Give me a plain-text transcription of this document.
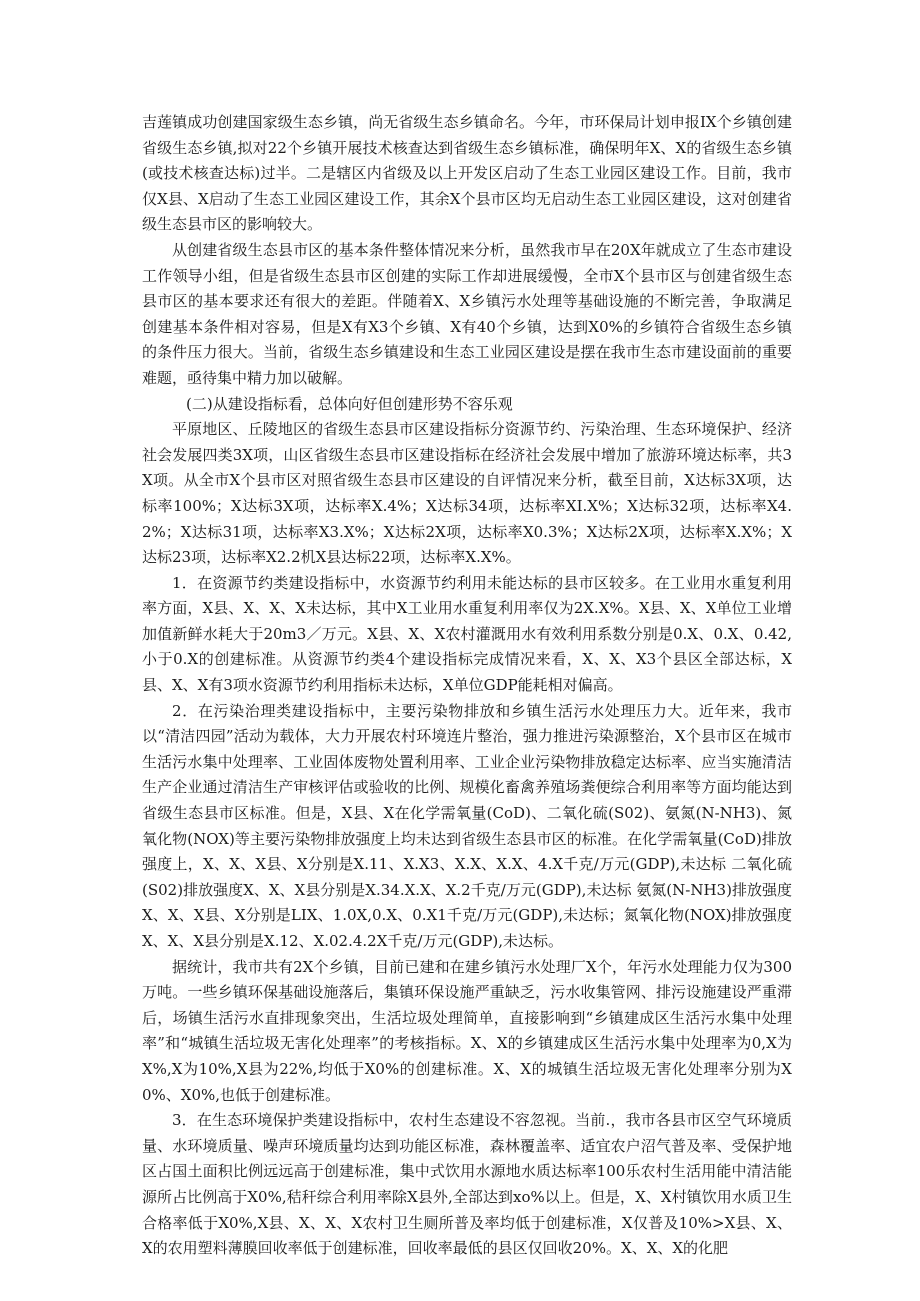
吉莲镇成功创建国家级生态乡镇，尚无省级生态乡镇命名。今年，市环保局计划申报IX个乡镇创建省级生态乡镇,拟对22个乡镇开展技术核查达到省级生态乡镇标准，确保明年X、X的省级生态乡镇(或技术核查达标)过半。二是辖区内省级及以上开发区启动了生态工业园区建设工作。目前，我市仅X县、X启动了生态工业园区建设工作，其余X个县市区均无启动生态工业园区建设，这对创建省级生态县市区的影响较大。

从创建省级生态县市区的基本条件整体情况来分析，虽然我市早在20X年就成立了生态市建设工作领导小组，但是省级生态县市区创建的实际工作却进展缓慢，全市X个县市区与创建省级生态县市区的基本要求还有很大的差距。伴随着X、X乡镇污水处理等基础设施的不断完善，争取满足创建基本条件相对容易，但是X有X3个乡镇、X有40个乡镇，达到X0%的乡镇符合省级生态乡镇的条件压力很大。当前，省级生态乡镇建设和生态工业园区建设是摆在我市生态市建设面前的重要难题，亟待集中精力加以破解。

(二)从建设指标看，总体向好但创建形势不容乐观

平原地区、丘陵地区的省级生态县市区建设指标分资源节约、污染治理、生态环境保护、经济社会发展四类3X项，山区省级生态县市区建设指标在经济社会发展中增加了旅游环境达标率，共3X项。从全市X个县市区对照省级生态县市区建设的自评情况来分析，截至目前，X达标3X项，达标率100%；X达标3X项，达标率X.4%；X达标34项，达标率XI.X%；X达标32项，达标率X4.2%；X达标31项，达标率X3.X%；X达标2X项，达标率X0.3%；X达标2X项，达标率X.X%；X达标23项，达标率X2.2机X县达标22项，达标率X.X%。

1．在资源节约类建设指标中，水资源节约利用未能达标的县市区较多。在工业用水重复利用率方面，X县、X、X、X未达标，其中X工业用水重复利用率仅为2X.X%。X县、X、X单位工业增加值新鲜水耗大于20m3／万元。X县、X、X农村灌溉用水有效利用系数分别是0.X、0.X、0.42,小于0.X的创建标准。从资源节约类4个建设指标完成情况来看，X、X、X3个县区全部达标，X县、X、X有3项水资源节约利用指标未达标，X单位GDP能耗相对偏高。

2．在污染治理类建设指标中，主要污染物排放和乡镇生活污水处理压力大。近年来，我市以“清洁四园”活动为载体，大力开展农村环境连片整治，强力推进污染源整治，X个县市区在城市生活污水集中处理率、工业固体废物处置利用率、工业企业污染物排放稳定达标率、应当实施清洁生产企业通过清洁生产审核评估或验收的比例、规模化畜禽养殖场粪便综合利用率等方面均能达到省级生态县市区标准。但是，X县、X在化学需氧量(CoD)、二氧化硫(S02)、氨氮(N-NH3)、氮氧化物(NOX)等主要污染物排放强度上均未达到省级生态县市区的标准。在化学需氧量(CoD)排放强度上，X、X、X县、X分别是X.11、X.X3、X.X、X.X、4.X千克/万元(GDP),未达标 二氧化硫(S02)排放强度X、X、X县分别是X.34.X.X、X.2千克/万元(GDP),未达标 氨氮(N-NH3)排放强度X、X、X县、X分别是LIX、1.0X,0.X、0.X1千克/万元(GDP),未达标；氮氧化物(NOX)排放强度X、X、X县分别是X.12、X.02.4.2X千克/万元(GDP),未达标。

据统计，我市共有2X个乡镇，目前已建和在建乡镇污水处理厂X个，年污水处理能力仅为300万吨。一些乡镇环保基础设施落后，集镇环保设施严重缺乏，污水收集管网、排污设施建设严重滞后，场镇生活污水直排现象突出，生活垃圾处理简单，直接影响到“乡镇建成区生活污水集中处理率”和“城镇生活垃圾无害化处理率”的考核指标。X、X的乡镇建成区生活污水集中处理率为0,X为X%,X为10%,X县为22%,均低于X0%的创建标准。X、X的城镇生活垃圾无害化处理率分别为X0%、X0%,也低于创建标准。

3．在生态环境保护类建设指标中，农村生态建设不容忽视。当前.，我市各县市区空气环境质量、水环境质量、噪声环境质量均达到功能区标准，森林覆盖率、适宜农户沼气普及率、受保护地区占国土面积比例远远高于创建标准，集中式饮用水源地水质达标率100乐农村生活用能中清洁能源所占比例高于X0%,秸秆综合利用率除X县外,全部达到xo%以上。但是，X、X村镇饮用水质卫生合格率低于X0%,X县、X、X、X农村卫生厕所普及率均低于创建标准，X仅普及10%>X县、X、X的农用塑料薄膜回收率低于创建标准，回收率最低的县区仅回收20%。X、X、X的化肥
